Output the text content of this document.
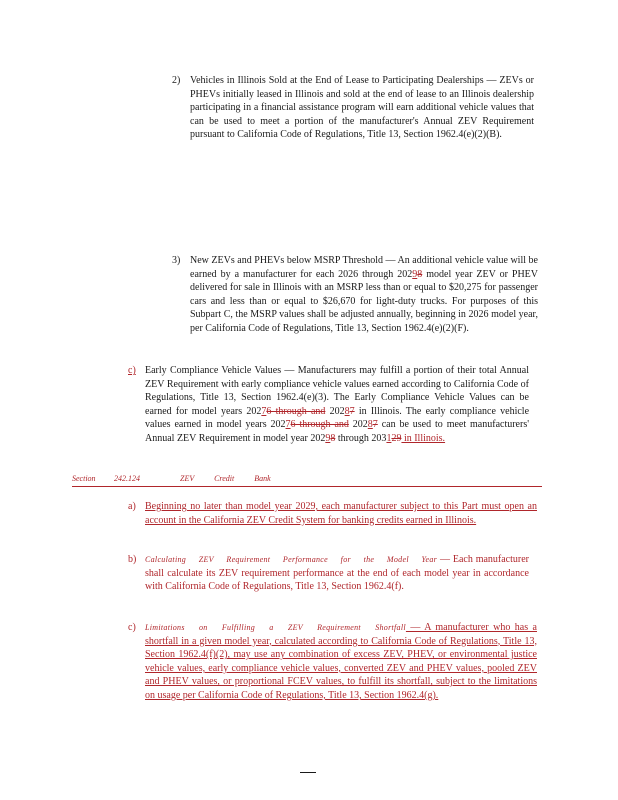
2) Vehicles in Illinois Sold at the End of Lease to Participating Dealerships — ZEVs or PHEVs initially leased in Illinois and sold at the end of lease to an Illinois dealership participating in a financial assistance program will earn additional vehicle values that can be used to meet a portion of the manufacturer's Annual ZEV Requirement pursuant to California Code of Regulations, Title 13, Section 1962.4(e)(2)(B).
3) New ZEVs and PHEVs below MSRP Threshold — An additional vehicle value will be earned by a manufacturer for each 2026 through 20298 model year ZEV or PHEV delivered for sale in Illinois with an MSRP less than or equal to $20,275 for passenger cars and less than or equal to $26,670 for light-duty trucks. For purposes of this Subpart C, the MSRP values shall be adjusted annually, beginning in 2026 model year, per California Code of Regulations, Title 13, Section 1962.4(e)(2)(F).
c) Early Compliance Vehicle Values — Manufacturers may fulfill a portion of their total Annual ZEV Requirement with early compliance vehicle values earned according to California Code of Regulations, Title 13, Section 1962.4(e)(3). The Early Compliance Vehicle Values can be earned for model years 20276 through and 20287 in Illinois. The early compliance vehicle values earned in model years 20276 through and 20287 can be used to meet manufacturers' Annual ZEV Requirement in model year 20298 through 203129 in Illinois.
Section 242.124	ZEV Credit Bank
a) Beginning no later than model year 2029, each manufacturer subject to this Part must open an account in the California ZEV Credit System for banking credits earned in Illinois.
b) Calculating ZEV Requirement Performance for the Model Year — Each manufacturer shall calculate its ZEV requirement performance at the end of each model year in accordance with California Code of Regulations, Title 13, Section 1962.4(f).
c) Limitations on Fulfilling a ZEV Requirement Shortfall — A manufacturer who has a shortfall in a given model year, calculated according to California Code of Regulations, Title 13, Section 1962.4(f)(2), may use any combination of excess ZEV, PHEV, or environmental justice vehicle values, early compliance vehicle values, converted ZEV and PHEV values, pooled ZEV and PHEV values, or proportional FCEV values, to fulfill its shortfall, subject to the limitations on usage per California Code of Regulations, Title 13, Section 1962.4(g).
